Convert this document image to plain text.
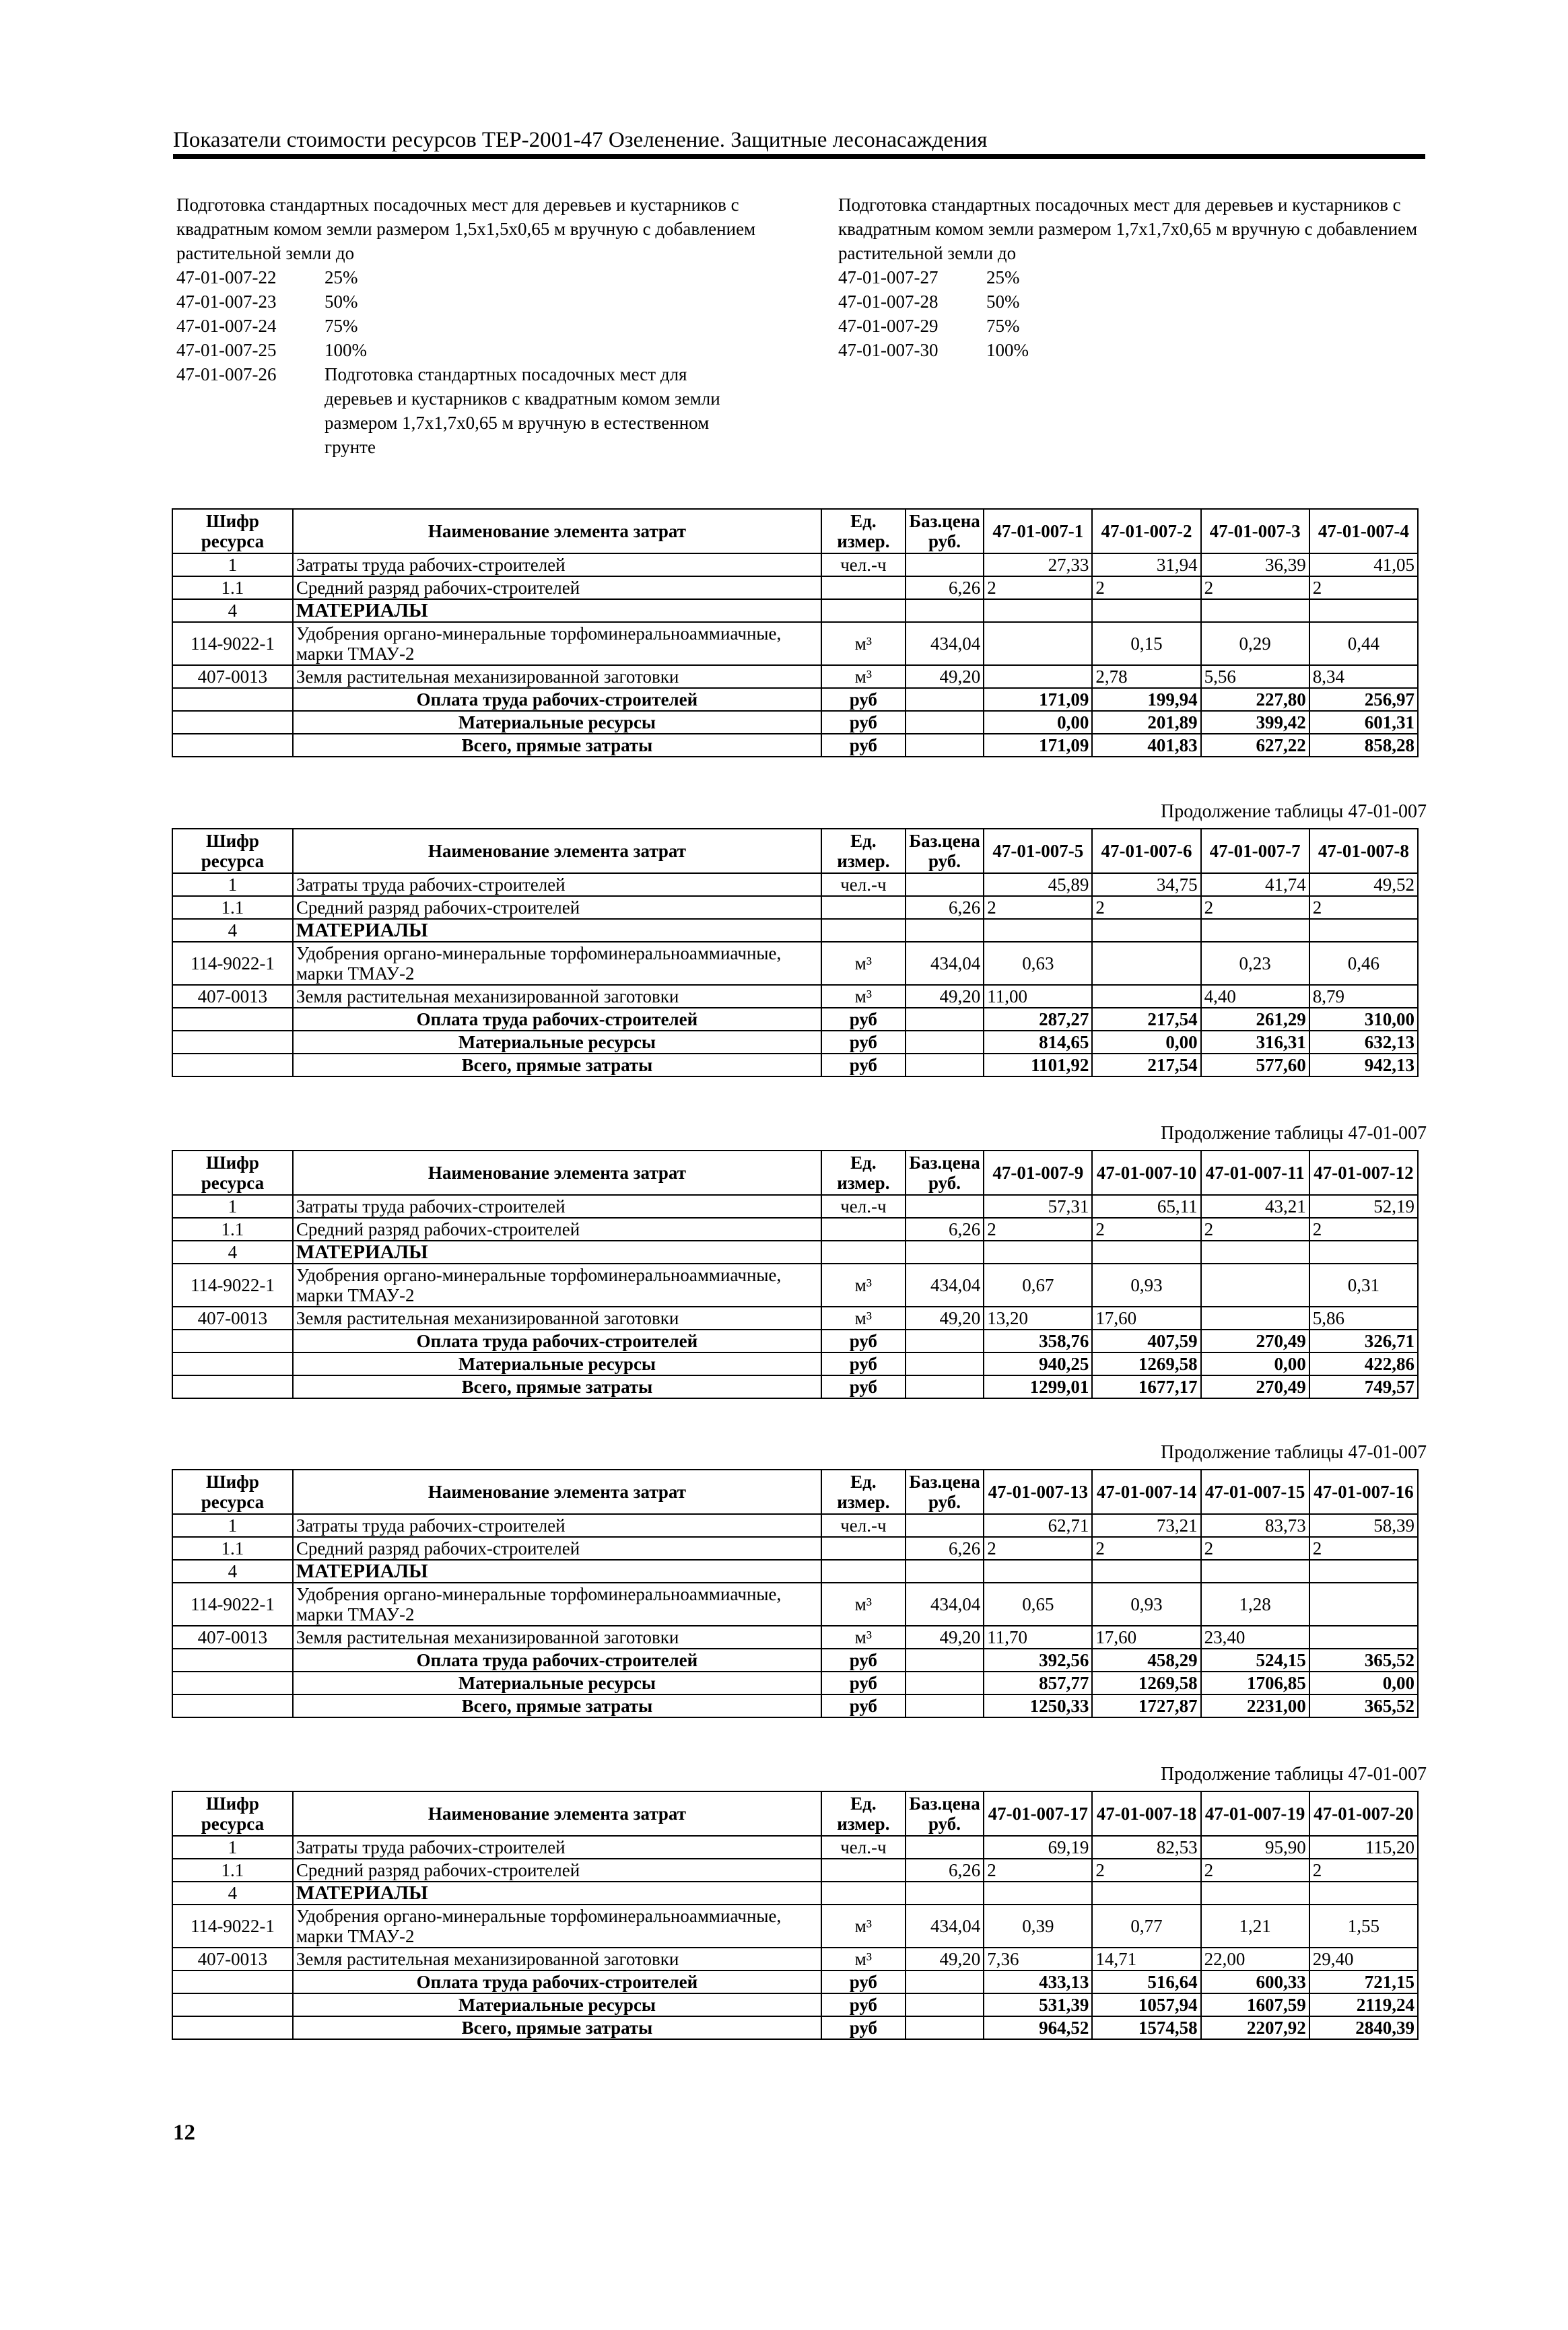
Показатели стоимости ресурсов ТЕР-2001-47 Озеленение. Защитные лесонасаждения

Подготовка стандартных посадочных мест для деревьев и кустарников с квадратным комом земли размером 1,5х1,5х0,65 м вручную с добавлением растительной земли до

47-01-007-22	25%
47-01-007-23	50%
47-01-007-24	75%
47-01-007-25	100%
47-01-007-26	Подготовка стандартных посадочных мест для деревьев и кустарников с квадратным комом земли размером 1,7х1,7х0,65 м вручную в естественном грунте

Подготовка стандартных посадочных мест для деревьев и кустарников с квадратным комом земли размером 1,7х1,7х0,65 м вручную с добавлением растительной земли до

47-01-007-27	25%
47-01-007-28	50%
47-01-007-29	75%
47-01-007-30	100%
Продолжение таблицы 47-01-007
Продолжение таблицы 47-01-007
Продолжение таблицы 47-01-007
Продолжение таблицы 47-01-007
Шифр ресурса	Наименование элемента затрат	Ед. измер.	Баз.цена руб.	47-01-007-1	47-01-007-2	47-01-007-3	47-01-007-4
1	Затраты труда рабочих-строителей	чел.-ч		27,33	31,94	36,39	41,05
1.1	Средний разряд рабочих-строителей		6,26	2	2	2	2
4	МАТЕРИАЛЫ						
114-9022-1	Удобрения органо-минеральные торфоминеральноаммиачные, марки ТМАУ-2	м³	434,04		0,15	0,29	0,44
407-0013	Земля растительная механизированной заготовки	м³	49,20		2,78	5,56	8,34
	Оплата труда рабочих-строителей	руб		171,09	199,94	227,80	256,97
	Материальные ресурсы	руб		0,00	201,89	399,42	601,31
	Всего, прямые затраты	руб		171,09	401,83	627,22	858,28
Шифр ресурса	Наименование элемента затрат	Ед. измер.	Баз.цена руб.	47-01-007-5	47-01-007-6	47-01-007-7	47-01-007-8
1	Затраты труда рабочих-строителей	чел.-ч		45,89	34,75	41,74	49,52
1.1	Средний разряд рабочих-строителей		6,26	2	2	2	2
4	МАТЕРИАЛЫ						
114-9022-1	Удобрения органо-минеральные торфоминеральноаммиачные, марки ТМАУ-2	м³	434,04	0,63		0,23	0,46
407-0013	Земля растительная механизированной заготовки	м³	49,20	11,00		4,40	8,79
	Оплата труда рабочих-строителей	руб		287,27	217,54	261,29	310,00
	Материальные ресурсы	руб		814,65	0,00	316,31	632,13
	Всего, прямые затраты	руб		1101,92	217,54	577,60	942,13
Шифр ресурса	Наименование элемента затрат	Ед. измер.	Баз.цена руб.	47-01-007-9	47-01-007-10	47-01-007-11	47-01-007-12
1	Затраты труда рабочих-строителей	чел.-ч		57,31	65,11	43,21	52,19
1.1	Средний разряд рабочих-строителей		6,26	2	2	2	2
4	МАТЕРИАЛЫ						
114-9022-1	Удобрения органо-минеральные торфоминеральноаммиачные, марки ТМАУ-2	м³	434,04	0,67	0,93		0,31
407-0013	Земля растительная механизированной заготовки	м³	49,20	13,20	17,60		5,86
	Оплата труда рабочих-строителей	руб		358,76	407,59	270,49	326,71
	Материальные ресурсы	руб		940,25	1269,58	0,00	422,86
	Всего, прямые затраты	руб		1299,01	1677,17	270,49	749,57
Шифр ресурса	Наименование элемента затрат	Ед. измер.	Баз.цена руб.	47-01-007-13	47-01-007-14	47-01-007-15	47-01-007-16
1	Затраты труда рабочих-строителей	чел.-ч		62,71	73,21	83,73	58,39
1.1	Средний разряд рабочих-строителей		6,26	2	2	2	2
4	МАТЕРИАЛЫ						
114-9022-1	Удобрения органо-минеральные торфоминеральноаммиачные, марки ТМАУ-2	м³	434,04	0,65	0,93	1,28	
407-0013	Земля растительная механизированной заготовки	м³	49,20	11,70	17,60	23,40	
	Оплата труда рабочих-строителей	руб		392,56	458,29	524,15	365,52
	Материальные ресурсы	руб		857,77	1269,58	1706,85	0,00
	Всего, прямые затраты	руб		1250,33	1727,87	2231,00	365,52
Шифр ресурса	Наименование элемента затрат	Ед. измер.	Баз.цена руб.	47-01-007-17	47-01-007-18	47-01-007-19	47-01-007-20
1	Затраты труда рабочих-строителей	чел.-ч		69,19	82,53	95,90	115,20
1.1	Средний разряд рабочих-строителей		6,26	2	2	2	2
4	МАТЕРИАЛЫ						
114-9022-1	Удобрения органо-минеральные торфоминеральноаммиачные, марки ТМАУ-2	м³	434,04	0,39	0,77	1,21	1,55
407-0013	Земля растительная механизированной заготовки	м³	49,20	7,36	14,71	22,00	29,40
	Оплата труда рабочих-строителей	руб		433,13	516,64	600,33	721,15
	Материальные ресурсы	руб		531,39	1057,94	1607,59	2119,24
	Всего, прямые затраты	руб		964,52	1574,58	2207,92	2840,39
12
